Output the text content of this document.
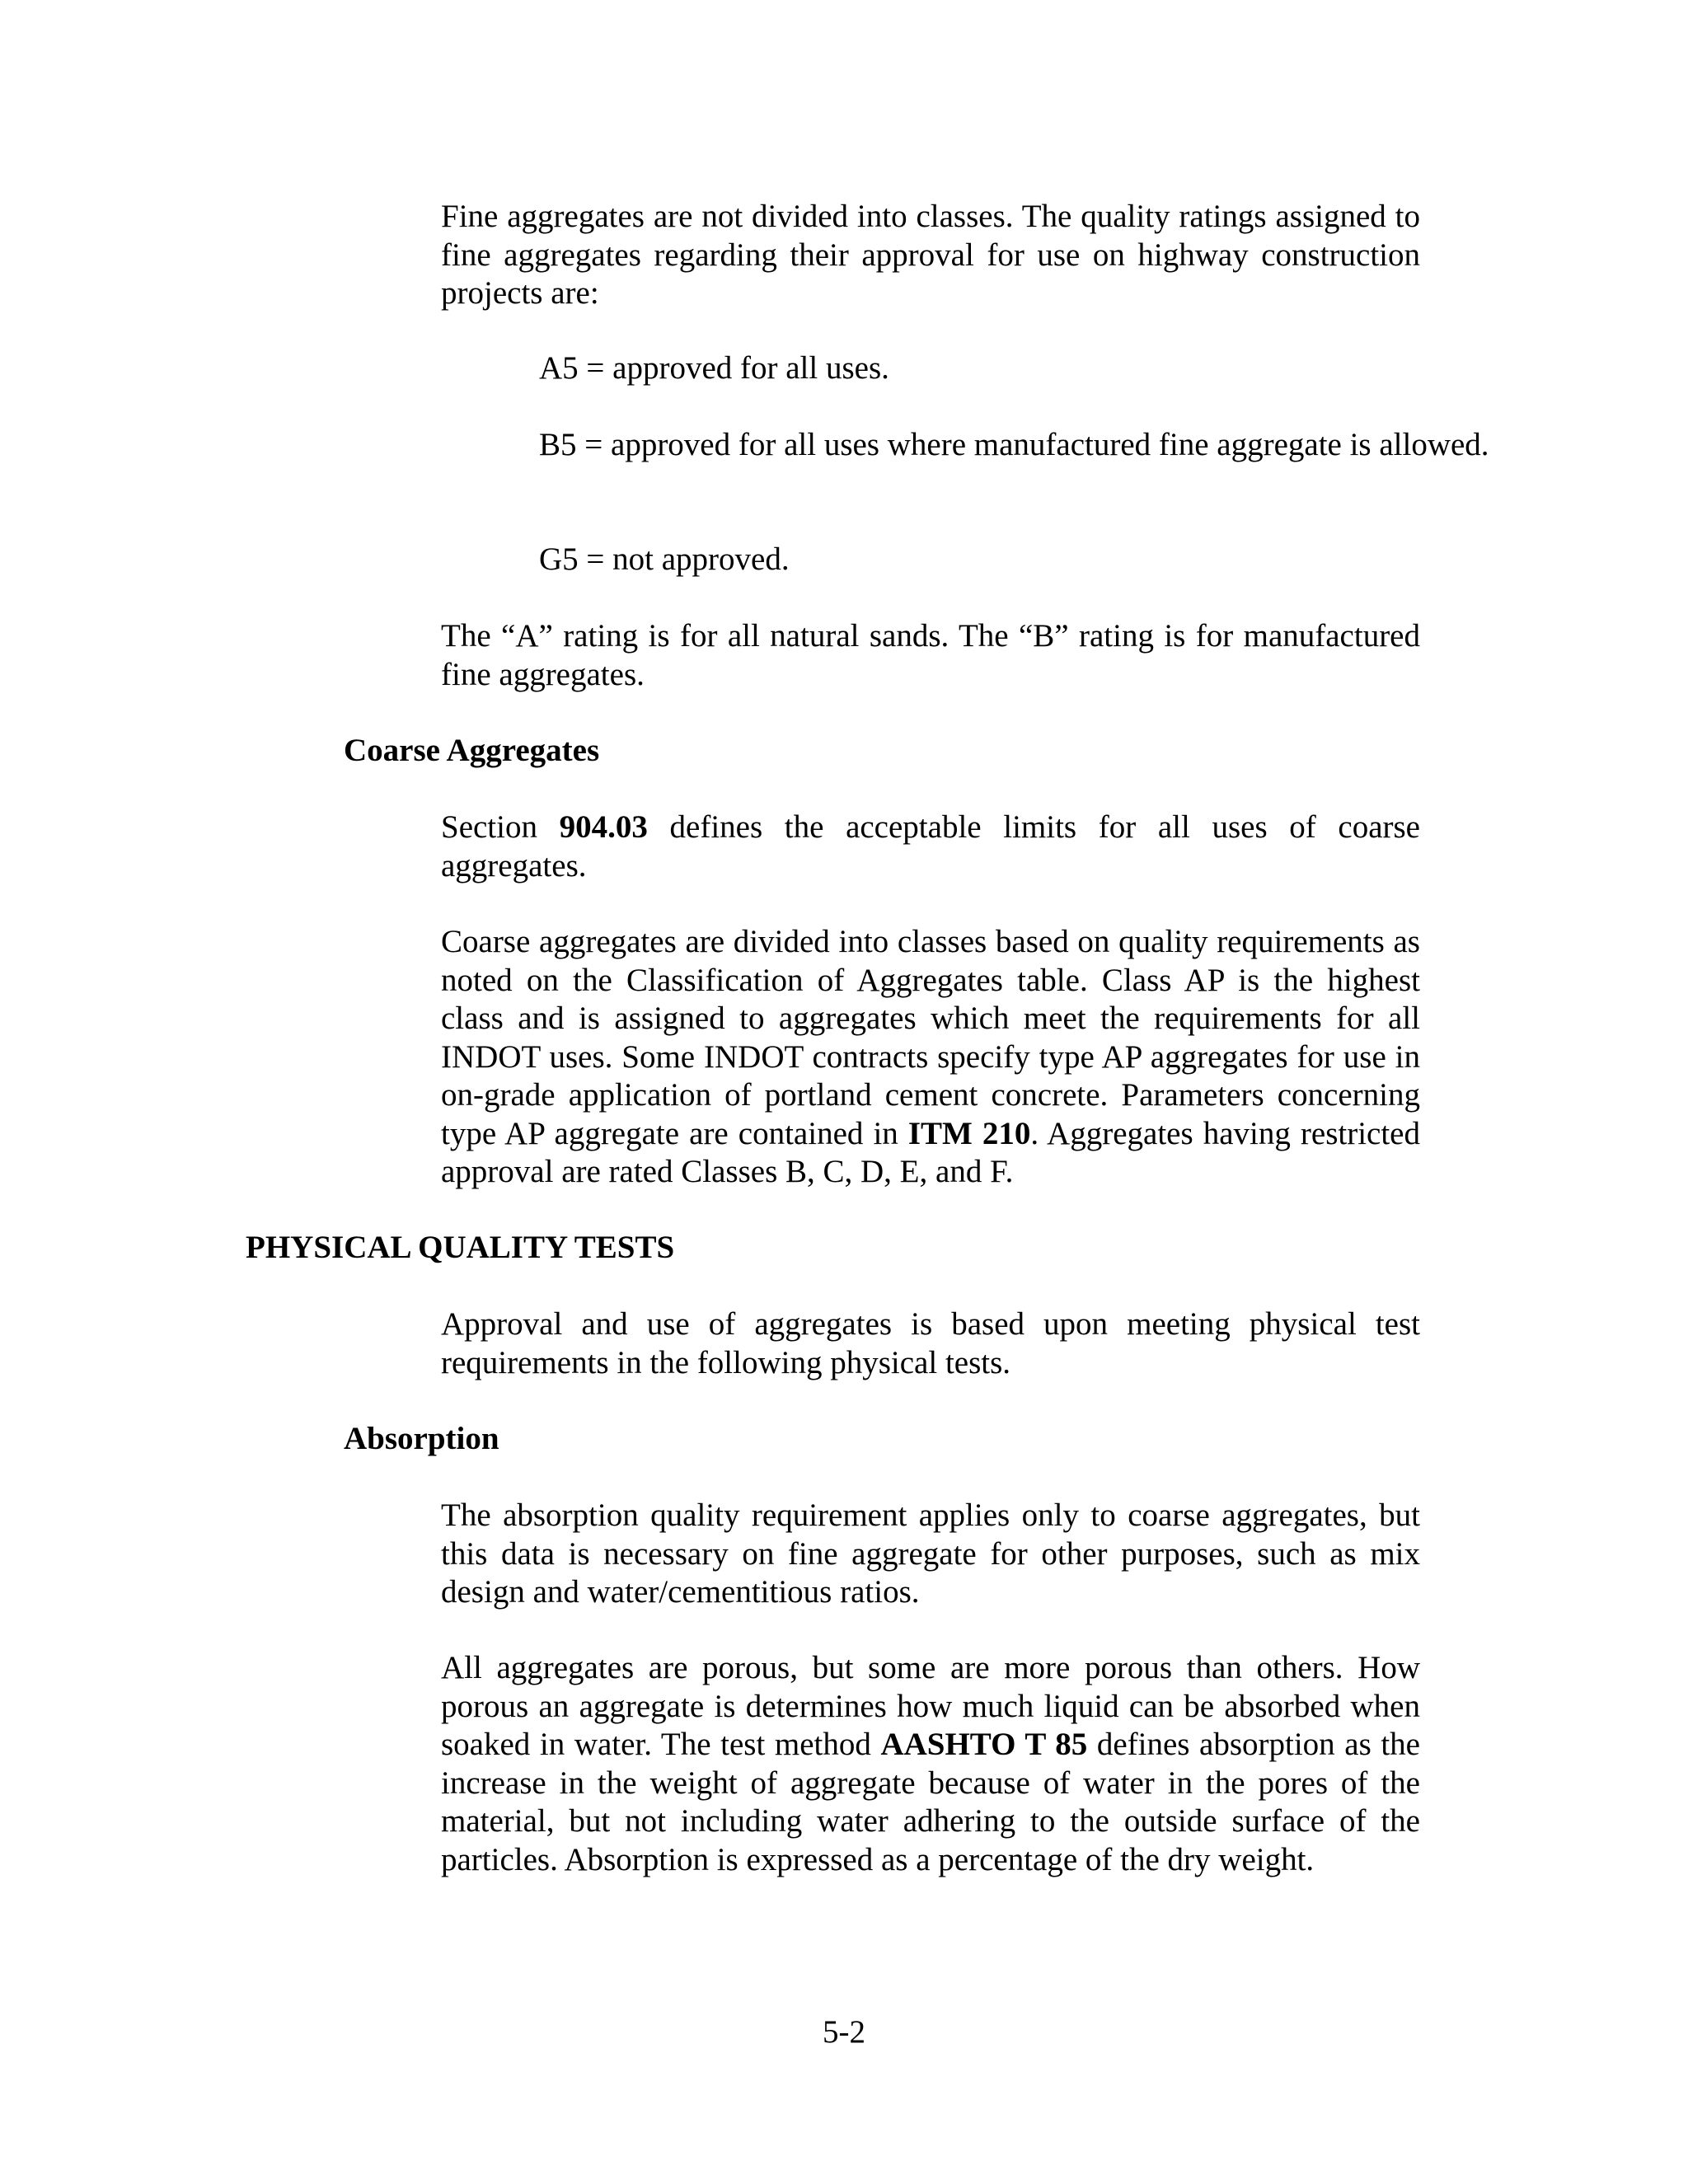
Fine aggregates are not divided into classes. The quality ratings assigned to fine aggregates regarding their approval for use on highway construction projects are:

A5 = approved for all uses.

B5 = approved for all uses where manufactured fine aggregate is allowed.

G5 = not approved.

The “A” rating is for all natural sands. The “B” rating is for manufactured fine aggregates.

Coarse Aggregates

Section 904.03 defines the acceptable limits for all uses of coarse aggregates.

Coarse aggregates are divided into classes based on quality requirements as noted on the Classification of Aggregates table. Class AP is the highest class and is assigned to aggregates which meet the requirements for all INDOT uses. Some INDOT contracts specify type AP aggregates for use in on-grade application of portland cement concrete. Parameters concerning type AP aggregate are contained in ITM 210. Aggregates having restricted approval are rated Classes B, C, D, E, and F.

PHYSICAL QUALITY TESTS

Approval and use of aggregates is based upon meeting physical test requirements in the following physical tests.

Absorption

The absorption quality requirement applies only to coarse aggregates, but this data is necessary on fine aggregate for other purposes, such as mix design and water/cementitious ratios.

All aggregates are porous, but some are more porous than others. How porous an aggregate is determines how much liquid can be absorbed when soaked in water. The test method AASHTO T 85 defines absorption as the increase in the weight of aggregate because of water in the pores of the material, but not including water adhering to the outside surface of the particles. Absorption is expressed as a percentage of the dry weight.

5-2
